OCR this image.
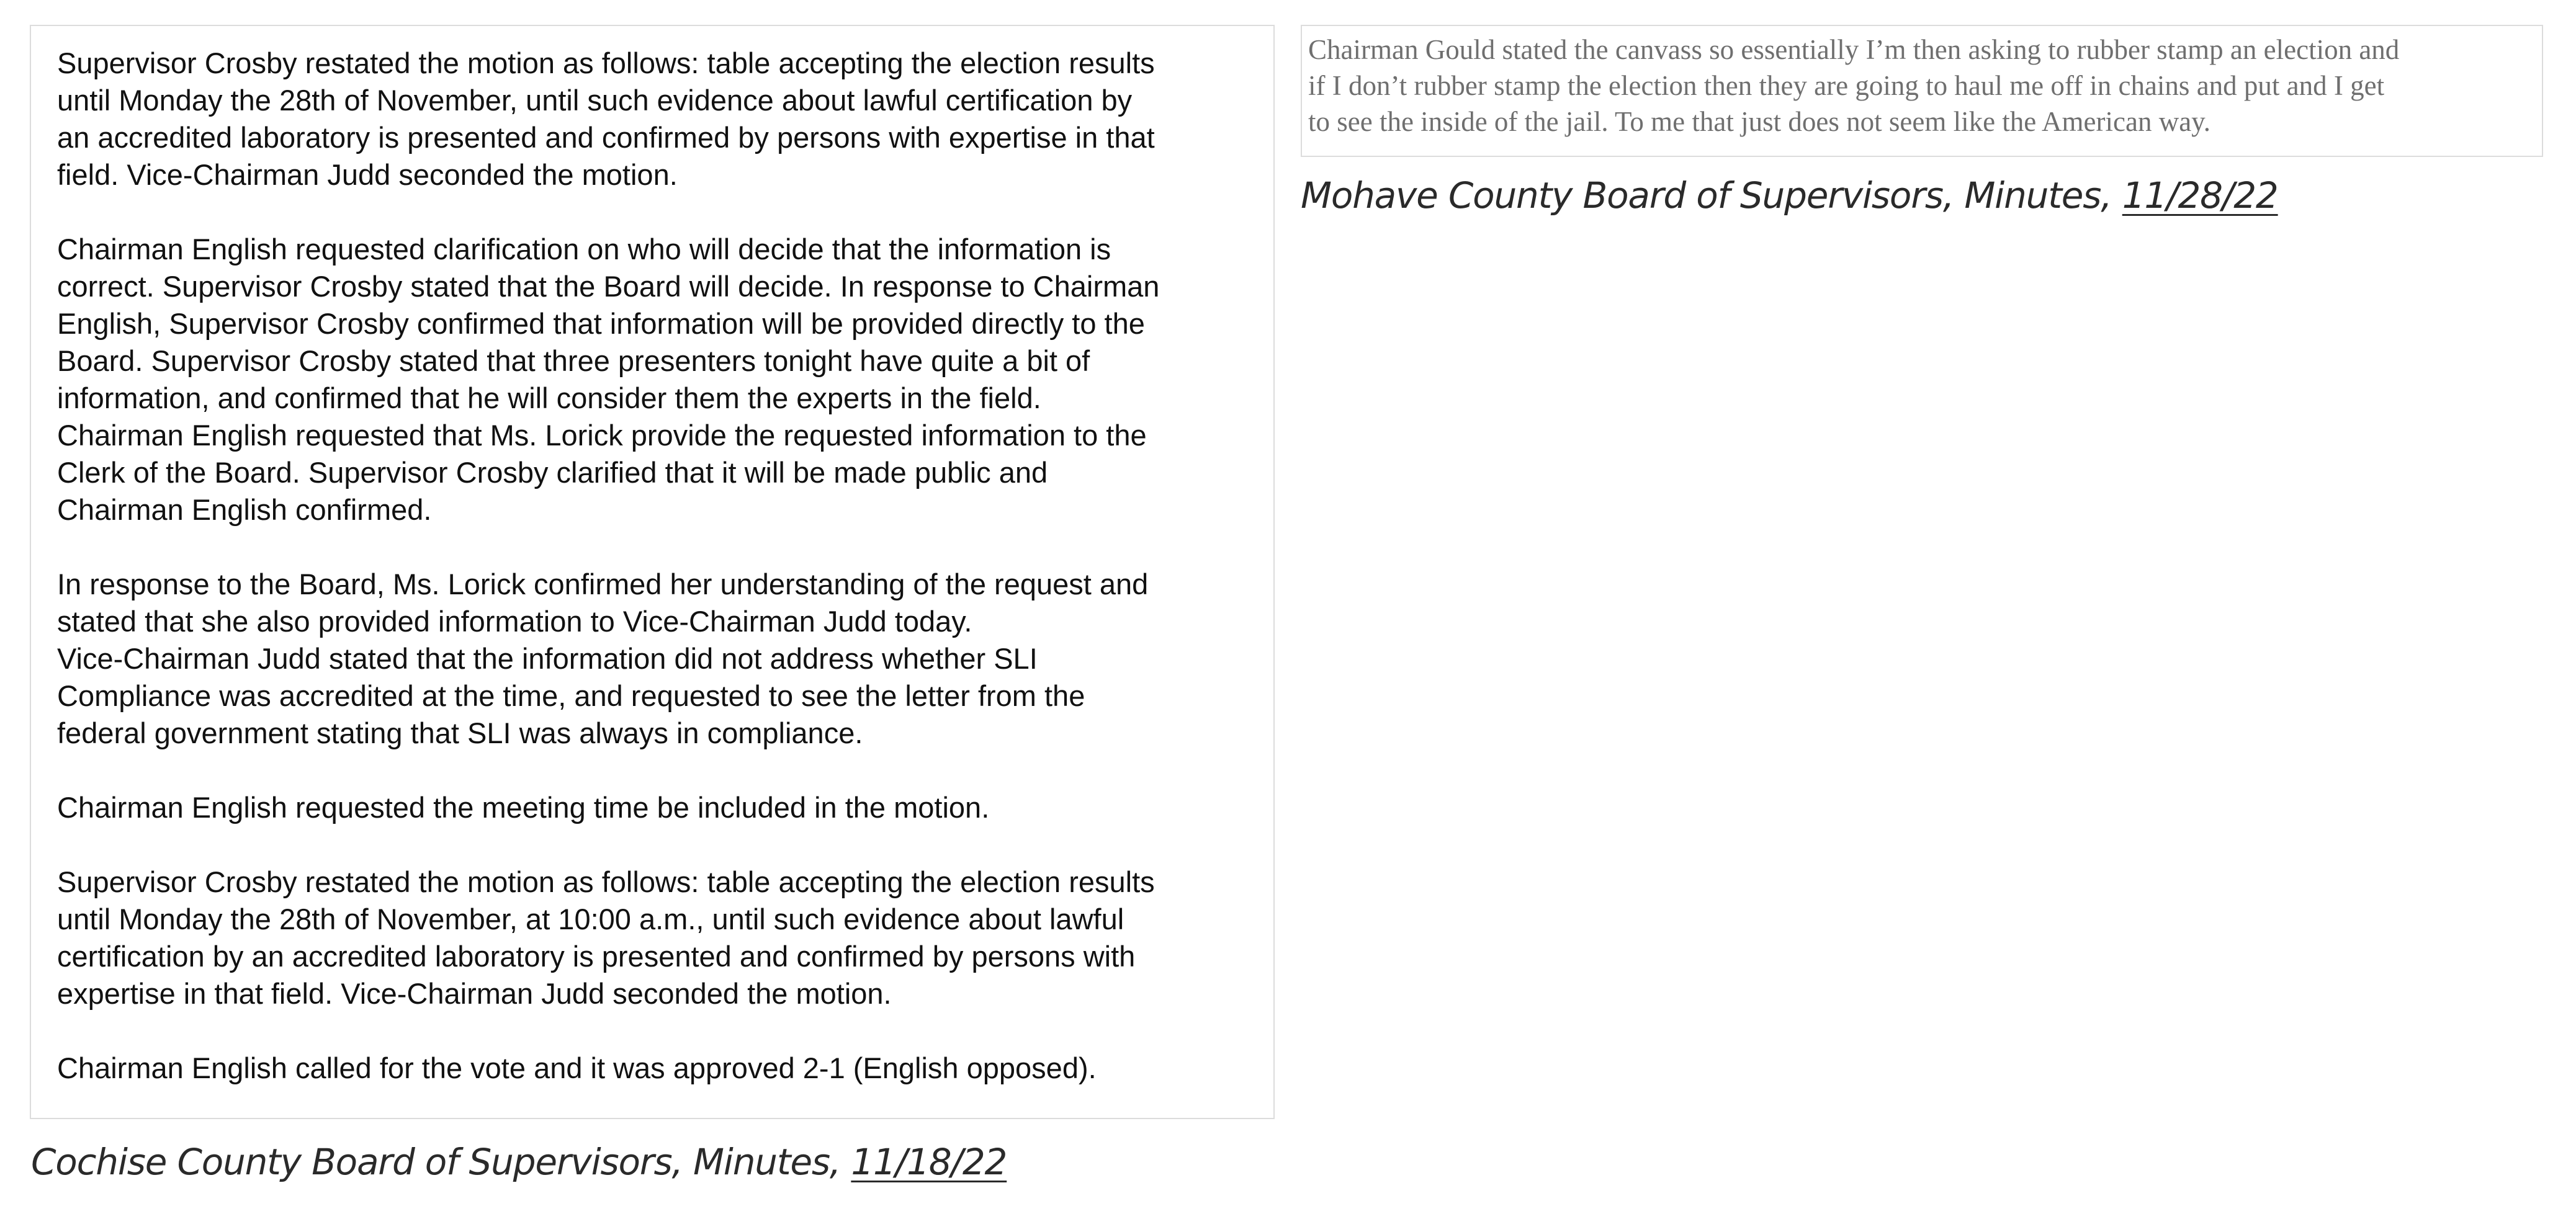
Supervisor Crosby restated the motion as follows: table accepting the election results
until Monday the 28th of November, until such evidence about lawful certification by
an accredited laboratory is presented and confirmed by persons with expertise in that
field. Vice-Chairman Judd seconded the motion.

Chairman English requested clarification on who will decide that the information is
correct. Supervisor Crosby stated that the Board will decide. In response to Chairman
English, Supervisor Crosby confirmed that information will be provided directly to the
Board. Supervisor Crosby stated that three presenters tonight have quite a bit of
information, and confirmed that he will consider them the experts in the field.
Chairman English requested that Ms. Lorick provide the requested information to the
Clerk of the Board. Supervisor Crosby clarified that it will be made public and
Chairman English confirmed.

In response to the Board, Ms. Lorick confirmed her understanding of the request and
stated that she also provided information to Vice-Chairman Judd today.
Vice-Chairman Judd stated that the information did not address whether SLI
Compliance was accredited at the time, and requested to see the letter from the
federal government stating that SLI was always in compliance.

Chairman English requested the meeting time be included in the motion.

Supervisor Crosby restated the motion as follows: table accepting the election results
until Monday the 28th of November, at 10:00 a.m., until such evidence about lawful
certification by an accredited laboratory is presented and confirmed by persons with
expertise in that field. Vice-Chairman Judd seconded the motion.

Chairman English called for the vote and it was approved 2-1 (English opposed).

Cochise County Board of Supervisors, Minutes, 11/18/22

Chairman Gould stated the canvass so essentially I’m then asking to rubber stamp an election and
if I don’t rubber stamp the election then they are going to haul me off in chains and put and I get
to see the inside of the jail. To me that just does not seem like the American way.

Mohave County Board of Supervisors, Minutes, 11/28/22
